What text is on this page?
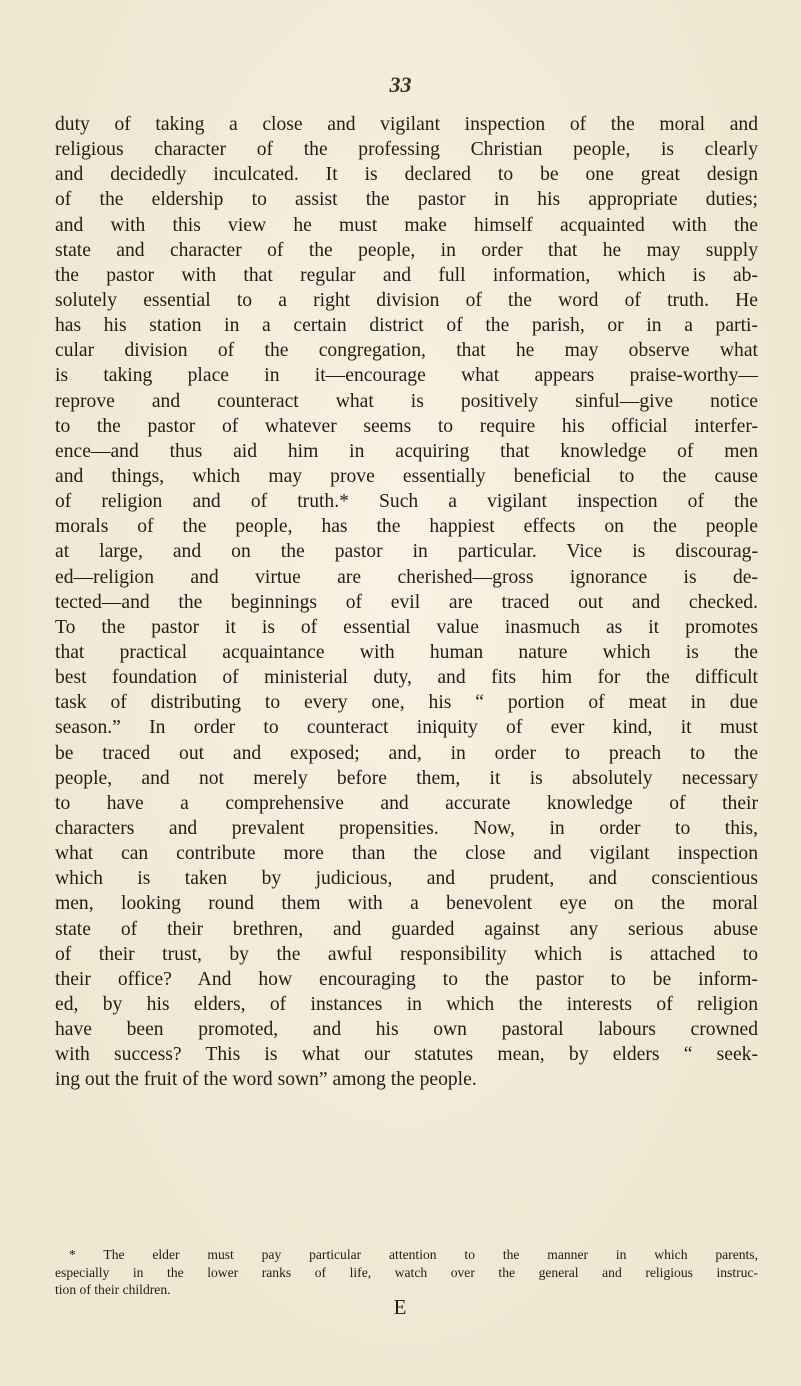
33
duty of taking a close and vigilant inspection of the moral and
religious character of the professing Christian people, is clearly
and decidedly inculcated. It is declared to be one great design
of the eldership to assist the pastor in his appropriate duties;
and with this view he must make himself acquainted with the
state and character of the people, in order that he may supply
the pastor with that regular and full information, which is ab-
solutely essential to a right division of the word of truth. He
has his station in a certain district of the parish, or in a parti-
cular division of the congregation, that he may observe what
is taking place in it—encourage what appears praise-worthy—
reprove and counteract what is positively sinful—give notice
to the pastor of whatever seems to require his official interfer-
ence—and thus aid him in acquiring that knowledge of men
and things, which may prove essentially beneficial to the cause
of religion and of truth.* Such a vigilant inspection of the
morals of the people, has the happiest effects on the people
at large, and on the pastor in particular. Vice is discourag-
ed—religion and virtue are cherished—gross ignorance is de-
tected—and the beginnings of evil are traced out and checked.
To the pastor it is of essential value inasmuch as it promotes
that practical acquaintance with human nature which is the
best foundation of ministerial duty, and fits him for the difficult
task of distributing to every one, his “ portion of meat in due
season.” In order to counteract iniquity of ever kind, it must
be traced out and exposed; and, in order to preach to the
people, and not merely before them, it is absolutely necessary
to have a comprehensive and accurate knowledge of their
characters and prevalent propensities. Now, in order to this,
what can contribute more than the close and vigilant inspection
which is taken by judicious, and prudent, and conscientious
men, looking round them with a benevolent eye on the moral
state of their brethren, and guarded against any serious abuse
of their trust, by the awful responsibility which is attached to
their office? And how encouraging to the pastor to be inform-
ed, by his elders, of instances in which the interests of religion
have been promoted, and his own pastoral labours crowned
with success? This is what our statutes mean, by elders “ seek-
ing out the fruit of the word sown” among the people.
* The elder must pay particular attention to the manner in which parents,
especially in the lower ranks of life, watch over the general and religious instruc-
tion of their children.
E
